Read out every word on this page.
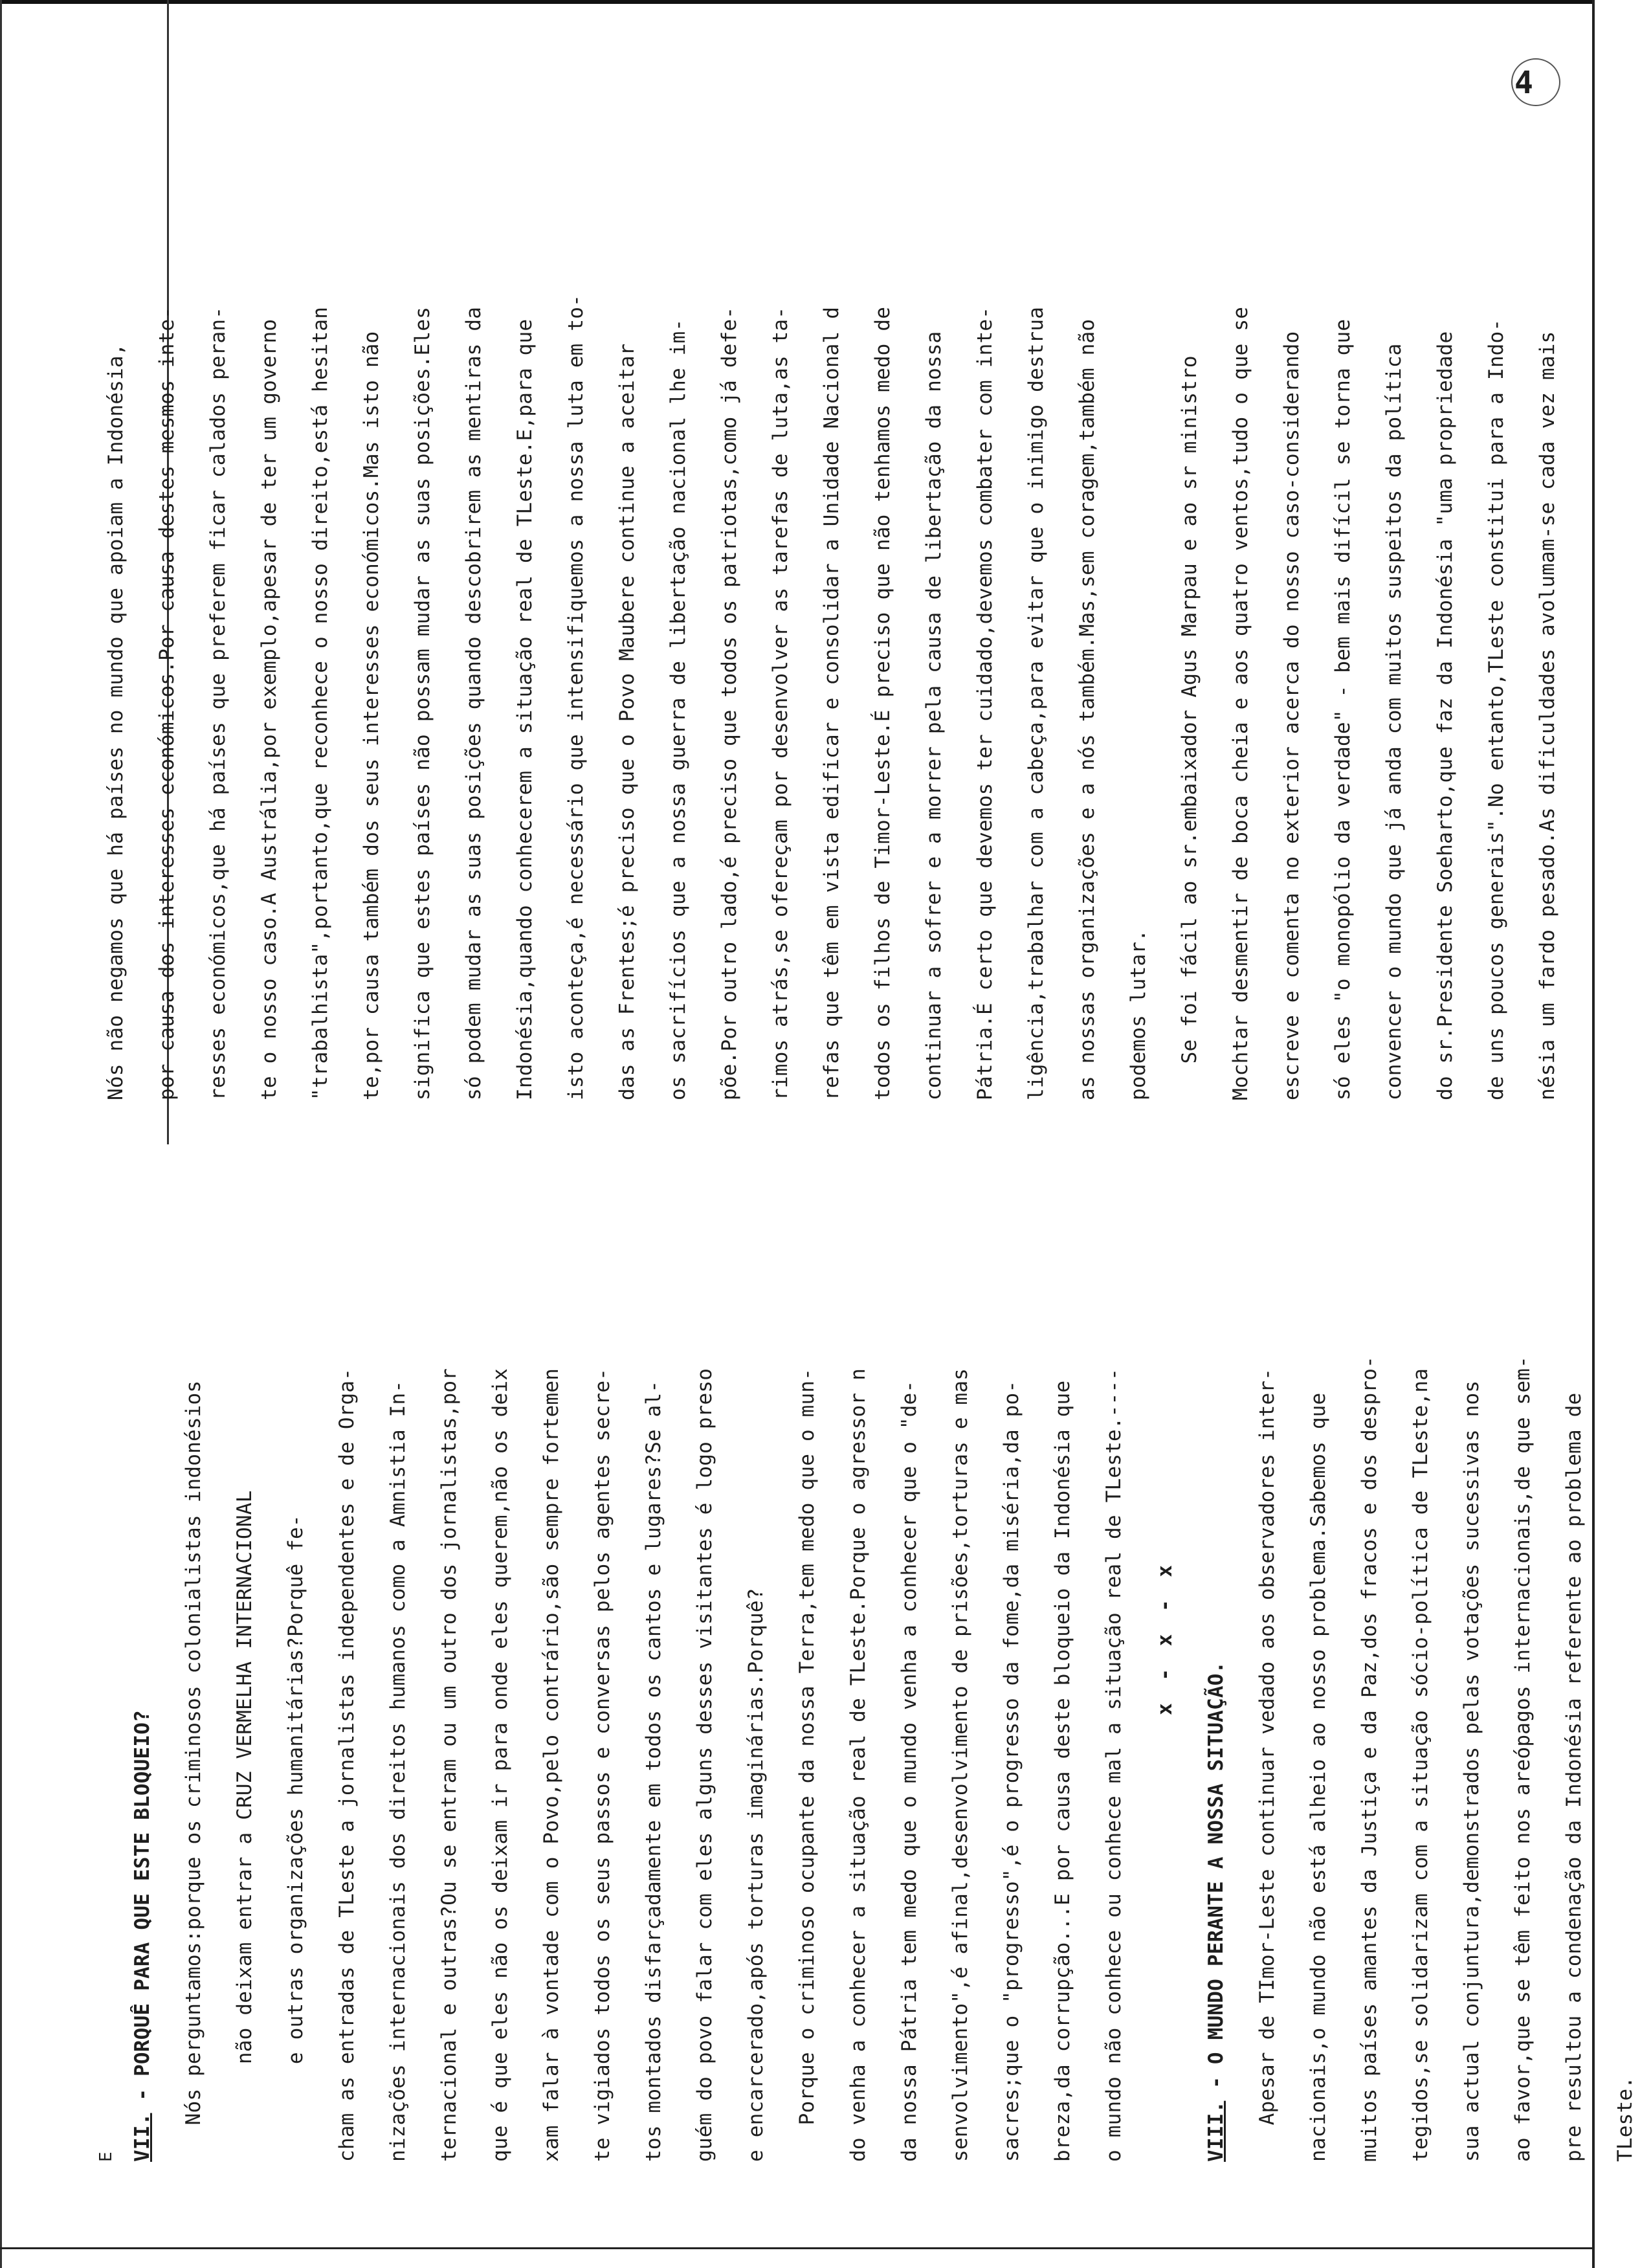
4

Nós não negamos que há países no mundo que apoiam a Indonésia,	por causa dos interesses económicos.Por causa destes mesmos inte-	resses económicos,que há países que preferem ficar calados peran-	te o nosso caso.A Austrália,por exemplo,apesar de ter um governo	"trabalhista",portanto,que reconhece o nosso direito,está hesitan	te,por causa também dos seus interesses económicos.Mas isto não	significa que estes países não possam mudar as suas posições.Eles	só podem mudar as suas posições quando descobrirem as mentiras da	Indonésia,quando conhecerem a situação real de TLeste.E,para que	isto aconteça,é necessário que intensifiquemos a nossa luta em to-	das as Frentes;é preciso que o Povo Maubere continue a aceitar	os sacrifícios que a nossa guerra de libertação nacional lhe im-	põe.Por outro lado,é preciso que todos os patriotas,como já defe-	rimos atrás,se ofereçam por desenvolver as tarefas de luta,as ta-	refas que têm em vista edificar e consolidar a Unidade Nacional d	todos os filhos de Timor-Leste.É preciso que não tenhamos medo de	continuar a sofrer e a morrer pela causa de libertação da nossa	Pátria.É certo que devemos ter cuidado,devemos combater com inte-	ligência,trabalhar com a cabeça,para evitar que o inimigo destrua	as nossas organizações e a nós também.Mas,sem coragem,também não	podemos lutar.	Se foi fácil ao sr.embaixador Agus Marpau e ao sr ministro	Mochtar desmentir de boca cheia e aos quatro ventos,tudo o que se	escreve e comenta no exterior acerca do nosso caso-considerando	só eles "o monopólio da verdade" - bem mais difícil se torna que	convencer o mundo que já anda com muitos suspeitos da política	do sr.Presidente Soeharto,que faz da Indonésia "uma propriedade	de uns poucos generais".No entanto,TLeste constitui para a Indo-	nésia um fardo pesado.As dificuldades avolumam-se cada vez mais

E VII. - PORQUÊ PARA QUE ESTE BLOQUEIO?	Nós perguntamos:porque os criminosos colonialistas indonésios	não deixam entrar a CRUZ VERMELHA INTERNACIONAL	e outras organizações humanitárias?Porquê fe-	cham as entradas de TLeste a jornalistas independentes e de Orga-	nizações internacionais dos direitos humanos como a Amnistia In-	ternacional e outras?Ou se entram ou um outro dos jornalistas,por	que é que eles não os deixam ir para onde eles querem,não os deix	xam falar à vontade com o Povo,pelo contrário,são sempre fortemen	te vigiados todos os seus passos e conversas pelos agentes secre-	tos montados disfarçadamente em todos os cantos e lugares?Se al-	guém do povo falar com eles alguns desses visitantes é logo preso	e encarcerado,após torturas imaginárias.Porquê?	Porque o criminoso ocupante da nossa Terra,tem medo que o mun-	do venha a conhecer a situação real de TLeste.Porque o agressor n	da nossa Pátria tem medo que o mundo venha a conhecer que o "de-	senvolvimento",é afinal,desenvolvimento de prisões,torturas e mas	sacres;que o "progresso",é o progresso da fome,da miséria,da po-	breza,da corrupção...E por causa deste bloqueio da Indonésia que	o mundo não conhece ou conhece mal a situação real de TLeste.----	x - x - x

VIII. - O MUNDO PERANTE A NOSSA SITUAÇÃO.	Apesar de TImor-Leste continuar vedado aos observadores inter-	nacionais,o mundo não está alheio ao nosso problema.Sabemos que	muitos países amantes da Justiça e da Paz,dos fracos e dos despro-	tegidos,se solidarizam com a situação sócio-política de TLeste,na	sua actual conjuntura,demonstrados pelas votações sucessivas nos	ao favor,que se têm feito nos areópagos internacionais,de que sem-	pre resultou a condenação da Indonésia referente ao problema de	TLeste.
